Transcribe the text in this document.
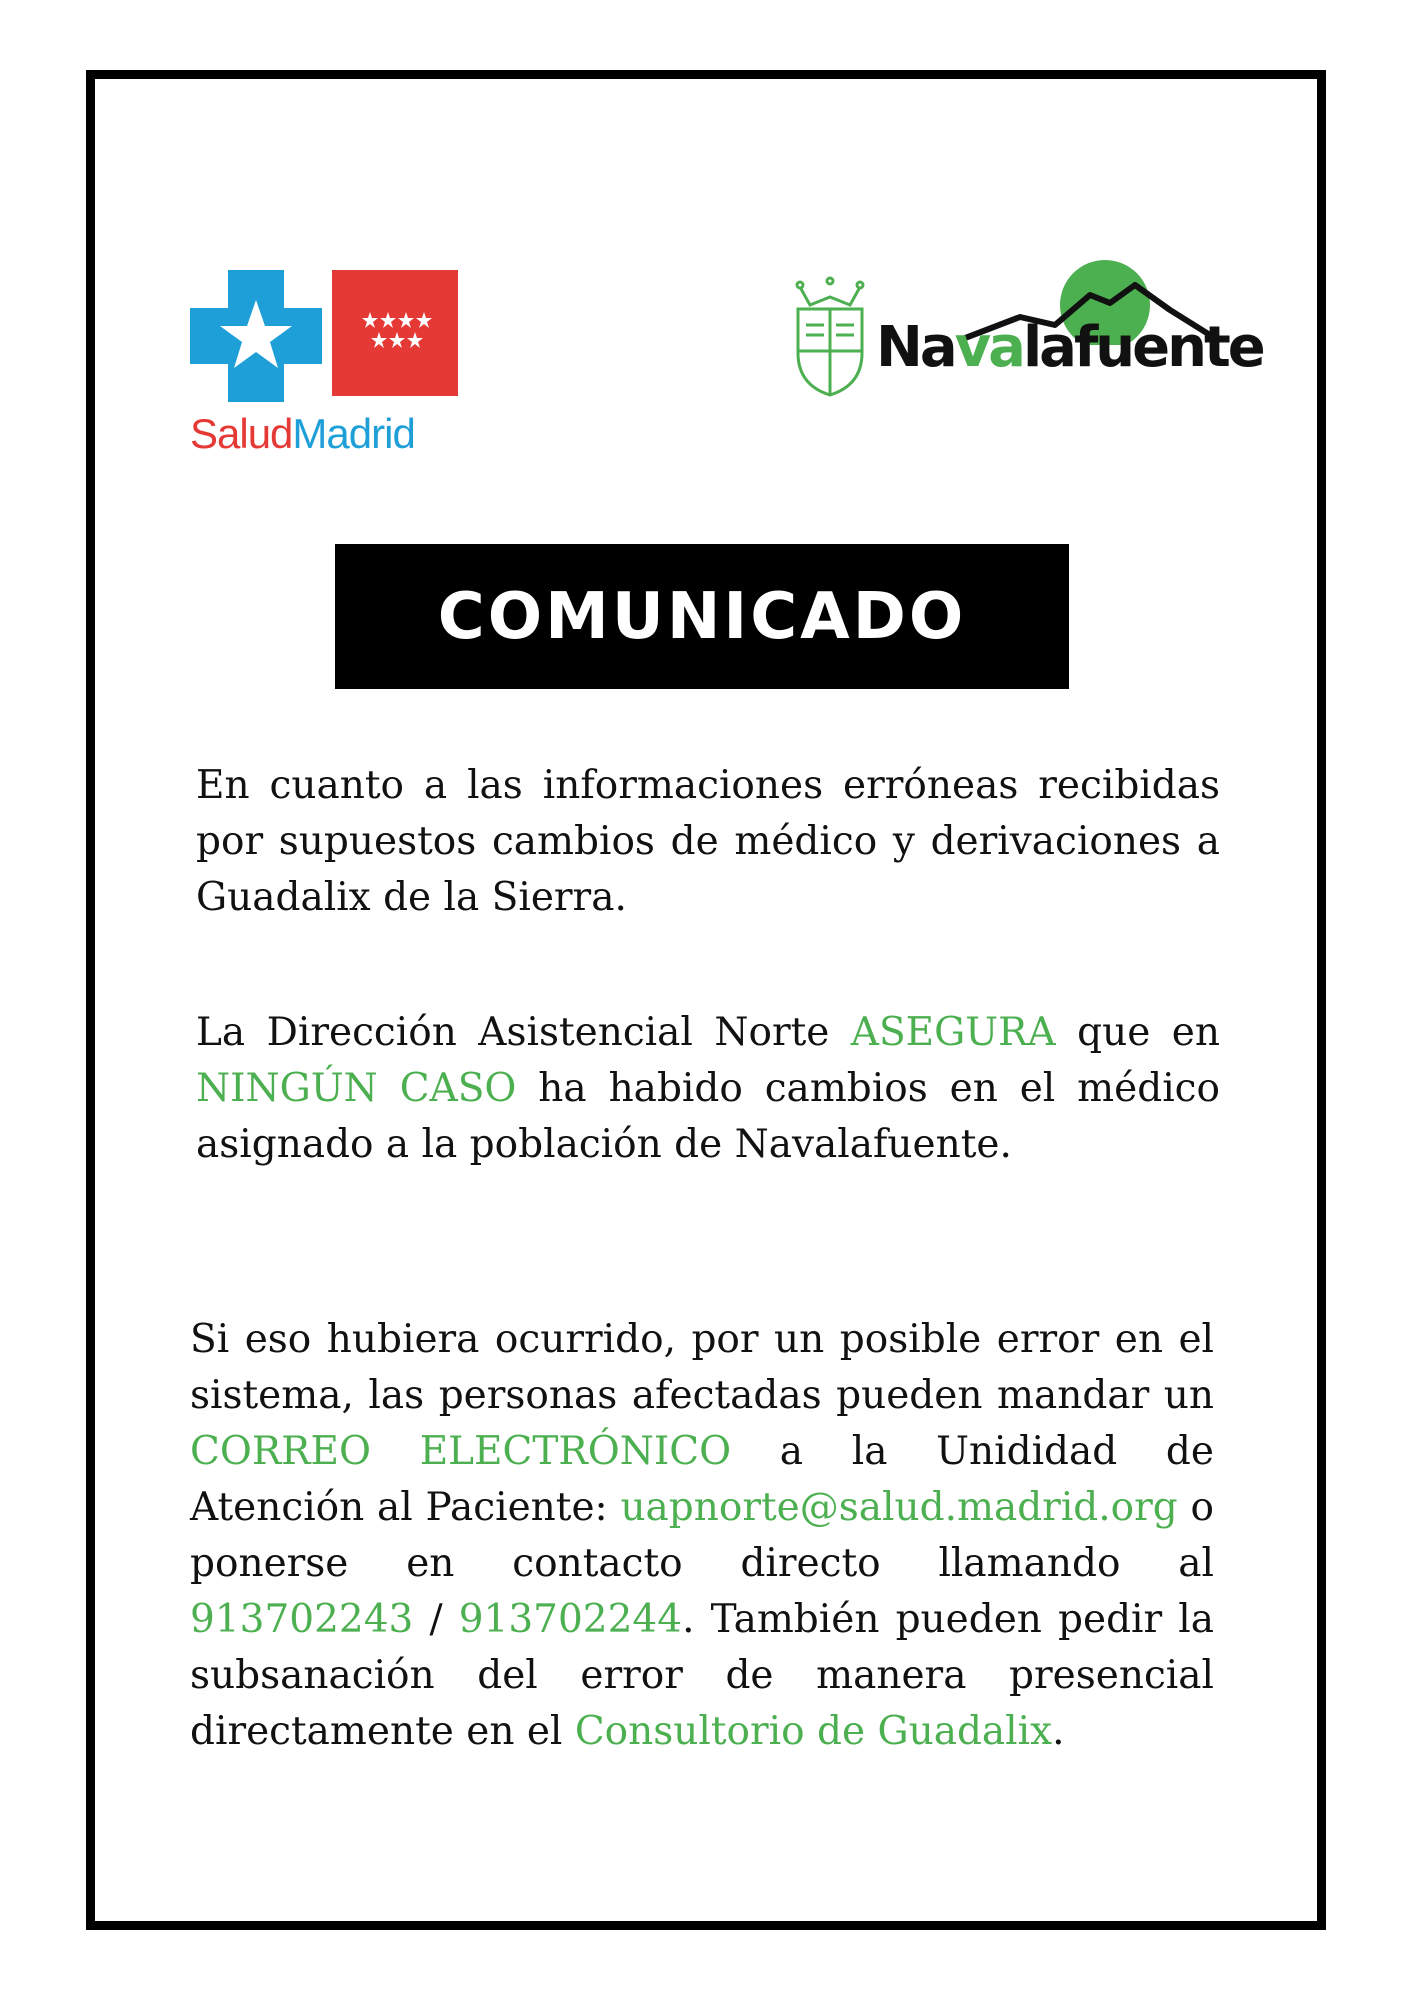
SaludMadrid
Navalafuente
COMUNICADO

En cuanto a las informaciones erróneas recibidas por supuestos cambios de médico y derivaciones a Guadalix de la Sierra.

La Dirección Asistencial Norte ASEGURA que en NINGÚN CASO ha habido cambios en el médico asignado a la población de Navalafuente.

Si eso hubiera ocurrido, por un posible error en el sistema, las personas afectadas pueden mandar un CORREO ELECTRÓNICO a la Unididad de Atención al Paciente: uapnorte@salud.madrid.org o ponerse en contacto directo llamando al 913702243 / 913702244. También pueden pedir la subsanación del error de manera presencial directamente en el Consultorio de Guadalix.
